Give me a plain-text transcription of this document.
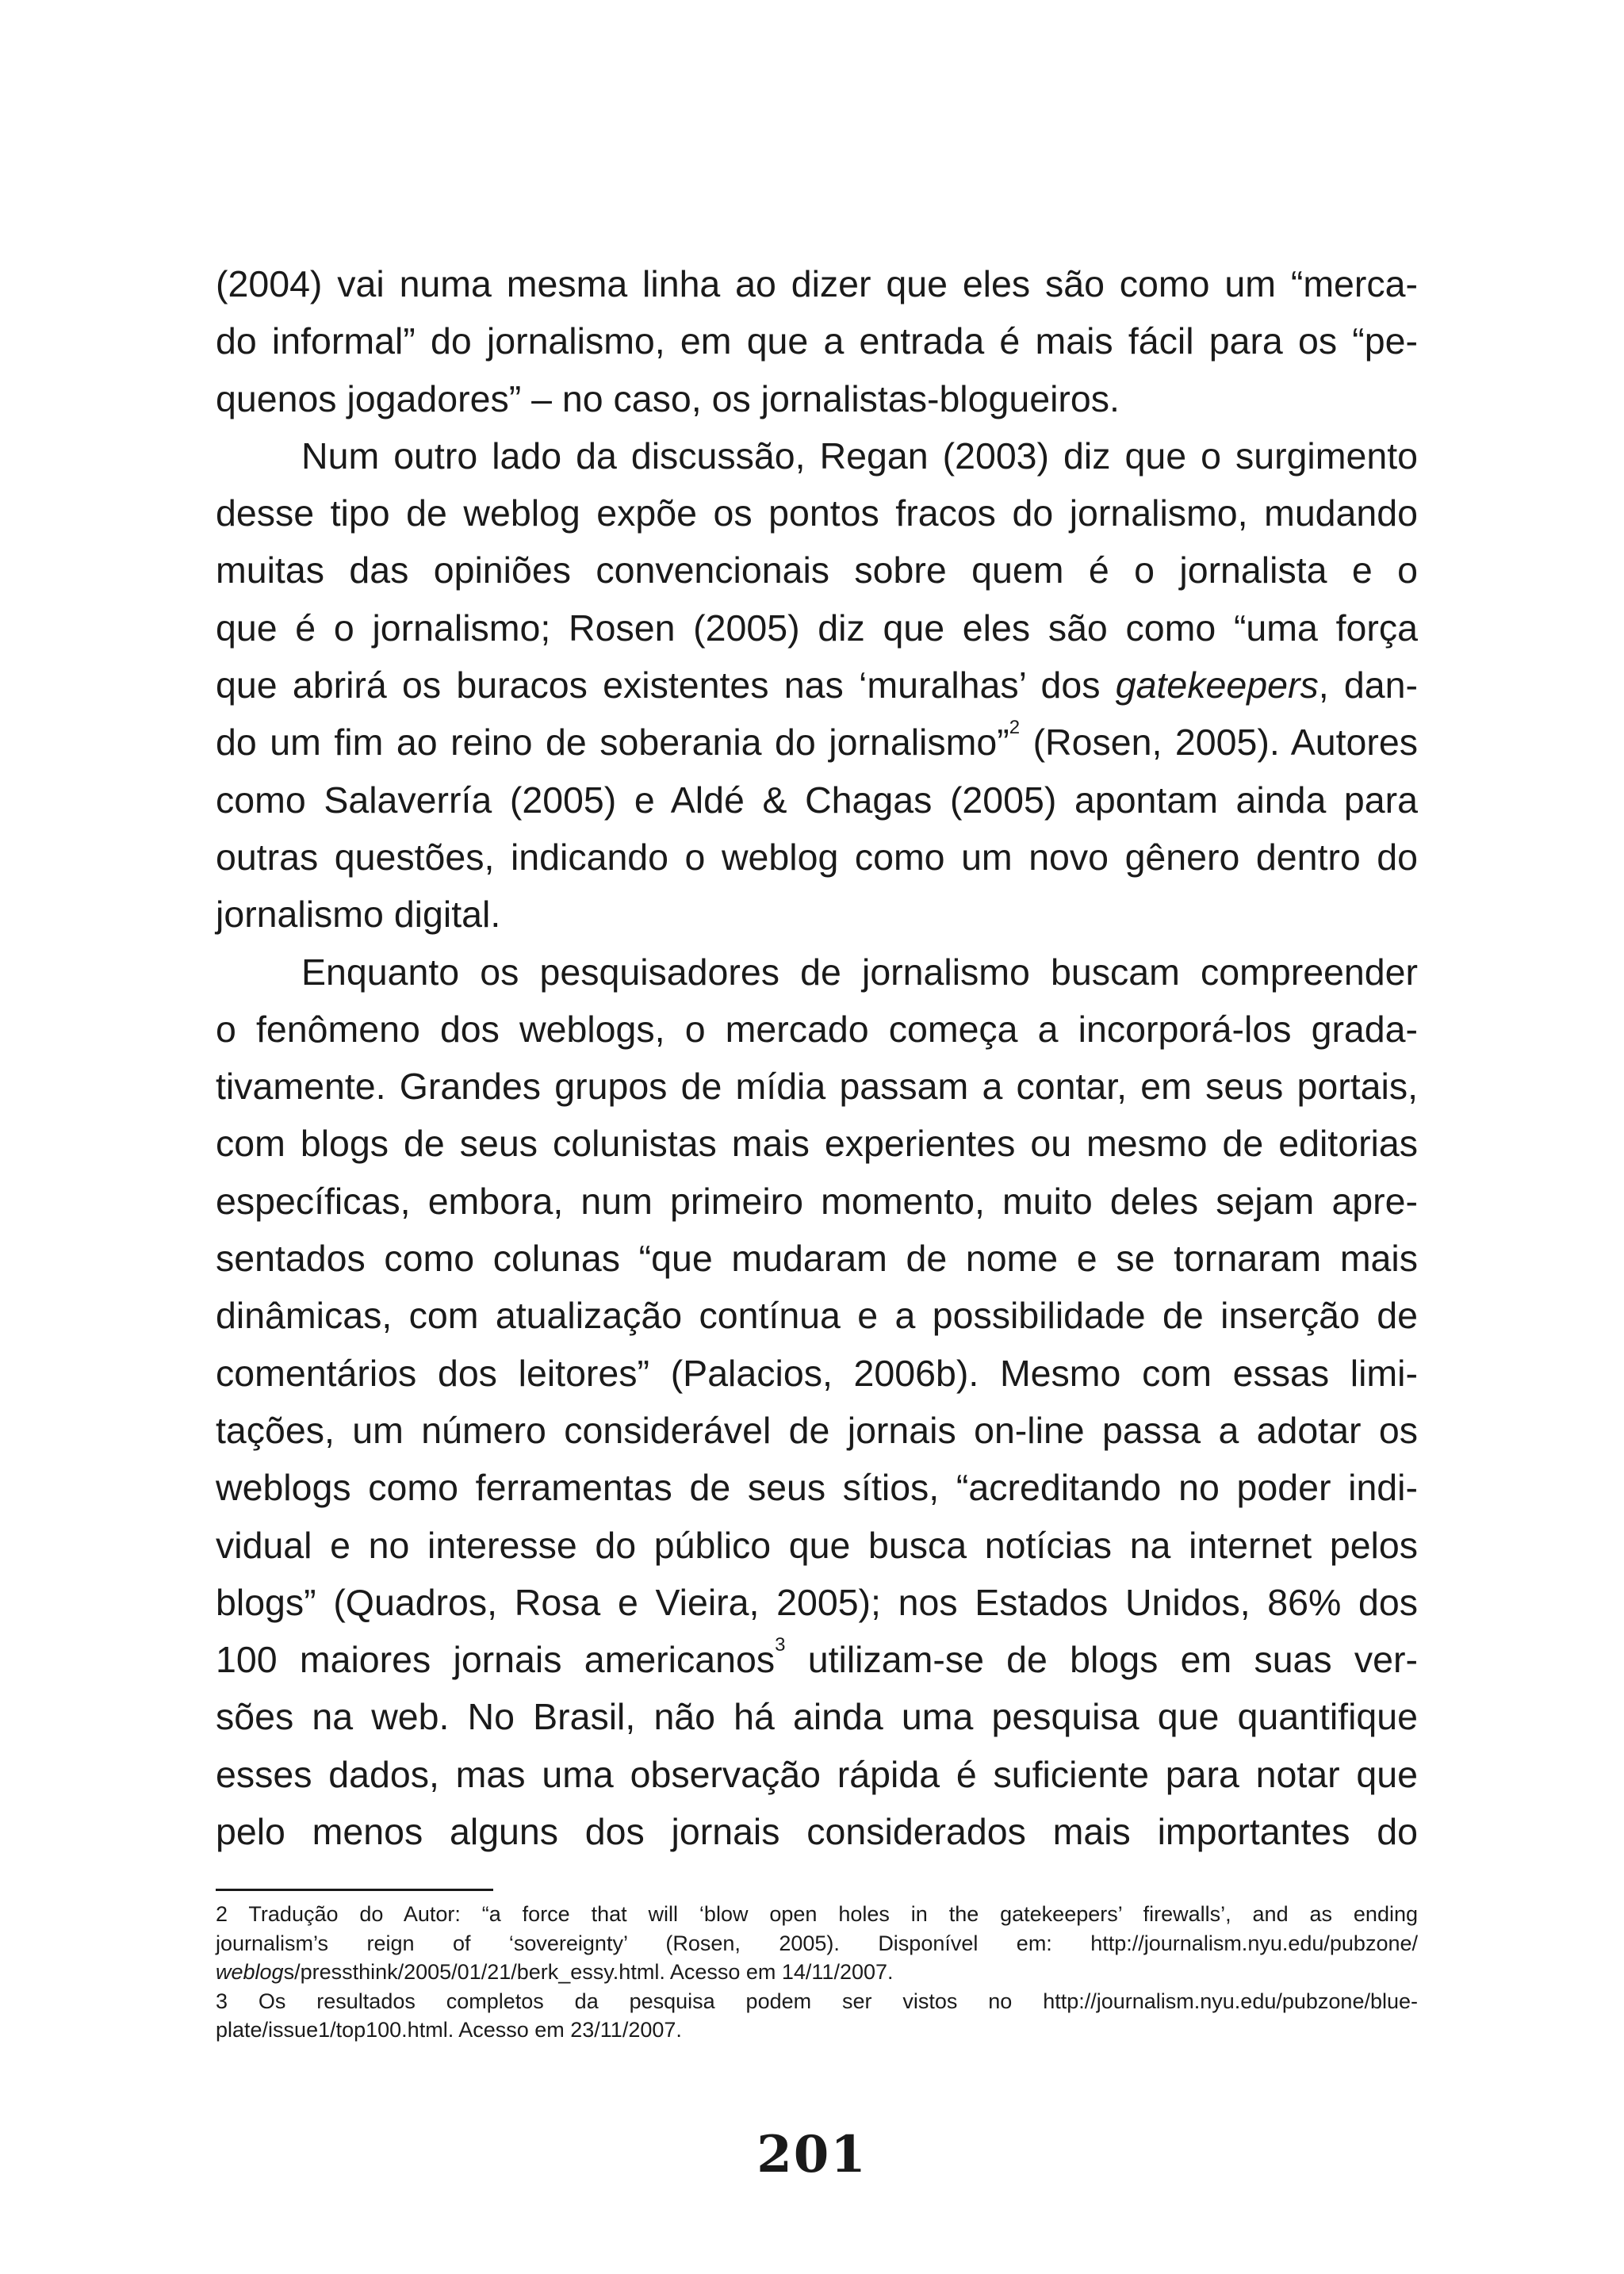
(2004) vai numa mesma linha ao dizer que eles são como um “merca-
do informal” do jornalismo, em que a entrada é mais fácil para os “pe-
quenos jogadores” – no caso, os jornalistas-blogueiros.
Num outro lado da discussão, Regan (2003) diz que o surgimento
desse tipo de weblog expõe os pontos fracos do jornalismo, mudando
muitas das opiniões convencionais sobre quem é o jornalista e o
que é o jornalismo; Rosen (2005) diz que eles são como “uma força
que abrirá os buracos existentes nas ‘muralhas’ dos gatekeepers, dan-
do um fim ao reino de soberania do jornalismo”$^2$ (Rosen, 2005). Autores
como Salaverría (2005) e Aldé & Chagas (2005) apontam ainda para
outras questões, indicando o weblog como um novo gênero dentro do
jornalismo digital.
Enquanto os pesquisadores de jornalismo buscam compreender
o fenômeno dos weblogs, o mercado começa a incorporá-los grada-
tivamente. Grandes grupos de mídia passam a contar, em seus portais,
com blogs de seus colunistas mais experientes ou mesmo de editorias
específicas, embora, num primeiro momento, muito deles sejam apre-
sentados como colunas “que mudaram de nome e se tornaram mais
dinâmicas, com atualização contínua e a possibilidade de inserção de
comentários dos leitores” (Palacios, 2006b). Mesmo com essas limi-
tações, um número considerável de jornais on-line passa a adotar os
weblogs como ferramentas de seus sítios, “acreditando no poder indi-
vidual e no interesse do público que busca notícias na internet pelos
blogs” (Quadros, Rosa e Vieira, 2005); nos Estados Unidos, 86% dos
100 maiores jornais americanos$^3$ utilizam-se de blogs em suas ver-
sões na web. No Brasil, não há ainda uma pesquisa que quantifique
esses dados, mas uma observação rápida é suficiente para notar que
pelo menos alguns dos jornais considerados mais importantes do
2 Tradução do Autor: “a force that will ‘blow open holes in the gatekeepers’ firewalls’, and as ending
journalism’s reign of ‘sovereignty’ (Rosen, 2005). Disponível em: http://journalism.nyu.edu/pubzone/
weblogs/pressthink/2005/01/21/berk_essy.html. Acesso em 14/11/2007.
3 Os resultados completos da pesquisa podem ser vistos no http://journalism.nyu.edu/pubzone/blue-
plate/issue1/top100.html. Acesso em 23/11/2007.
201
